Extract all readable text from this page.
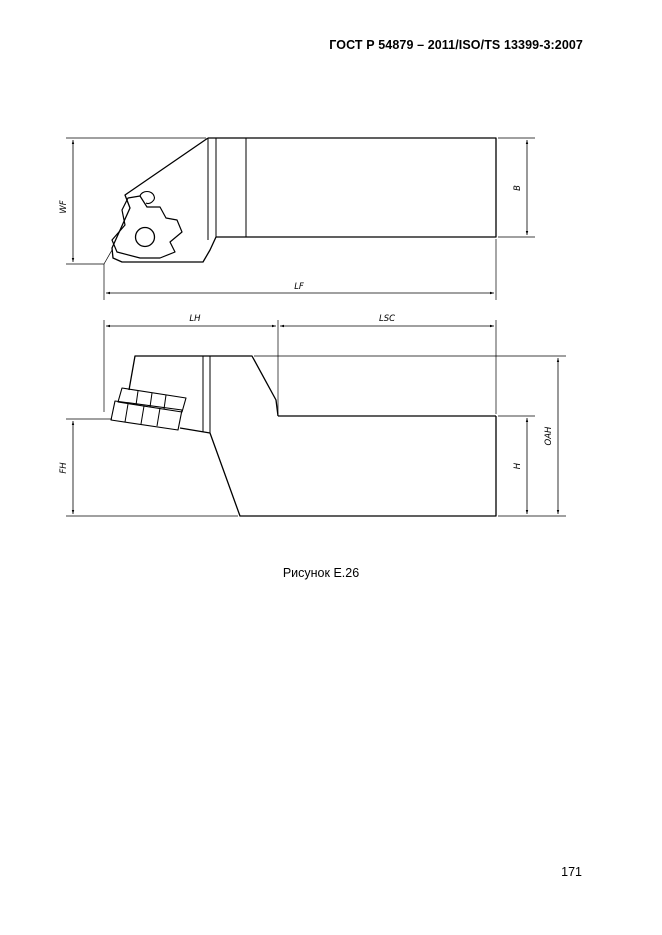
ГОСТ Р 54879 – 2011/ISO/TS 13399-3:2007
WF
B
LF
LH	LSC
FH	H
OAH
Рисунок Е.26
171
